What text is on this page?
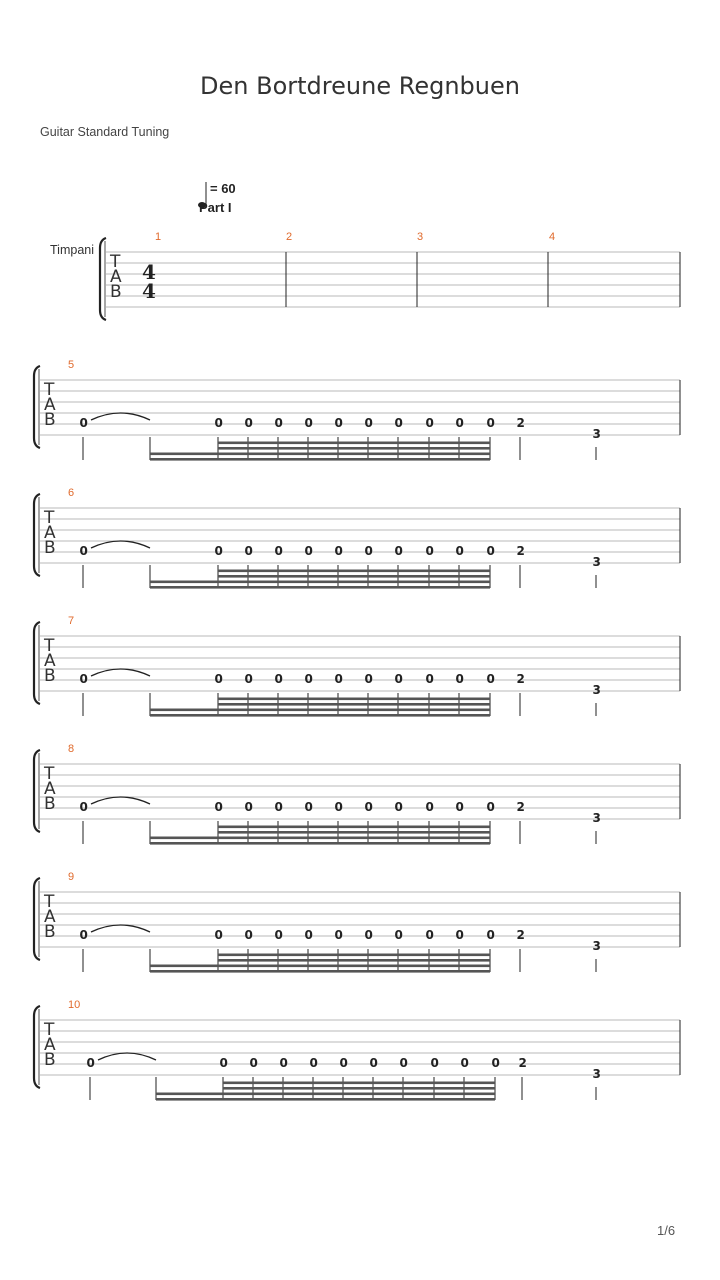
Den Bortdreune Regnbuen
Guitar Standard Tuning
= 60
Part I
Timpani
T
A
B
4
4
1	2	3	4
T
A
B
5
0	0 0 0 0 0 0 0 0 0 0 2
3
T
A
B
6
0	0 0 0 0 0 0 0 0 0 0 2
3
T
A
B
7
0	0 0 0 0 0 0 0 0 0 0 2
3
T
A
B
8
0	0 0 0 0 0 0 0 0 0 0 2
3
T
A
B
9
0	0 0 0 0 0 0 0 0 0 0 2
3
T
A
B
10
0	0 0 0 0 0 0 0 0 0 0 2
3
1/6
